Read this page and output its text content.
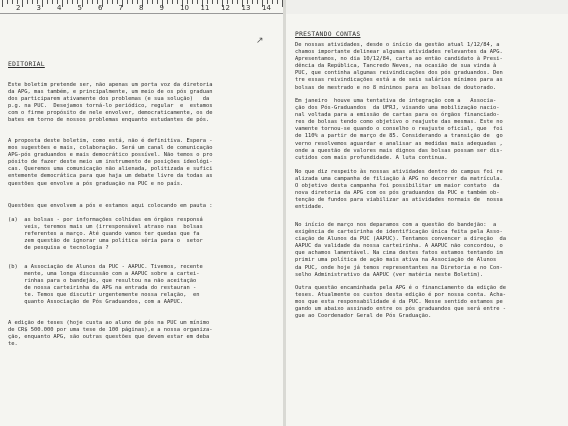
2 3 4 5 6 7 8 9 10 11 12 13 14
EDITORIAL
Este boletim pretende ser, não apenas um porta voz da diretoria
da APG, mas também, e principalmente, um meio de os pós graduan
dos participarem ativamente dos problemas (e sua solução)   da
p.g. na PUC.  Desejamos torná-lo periódico, regular  e  estamos
com o firme propósito de nele envolver, democraticamente, os de
bates em torno de nossos problemas enquanto estudantes de pós.
A proposta deste boletim, como está, não é definitiva. Espera -
mos sugestões e mais, colaboração. Será um canal de comunicação
APG-pós graduandos e mais democrático possível. Não temos o pro
pósito de fazer deste meio um instrumento de posições ideológi-
cas. Queremos uma comunicação não alienada, politizada e sufici
entemente democrática para que haja um debate livre da todas as
questões que envolve a pós graduação na PUC e no país.
Questões que envolvem a pós e estamos aqui colocando em pauta :
(a)  as bolsas - por informações colhidas em órgãos responsá
veis, teremos mais um (irresponsável atraso nas  bolsas
referentes a março. Até quando vamos ter quedas que fa
zem questão de ignorar uma política séria para o  setor
de pesquisa e tecnologia ?
(b)  a Associação de Alunos da PUC - AAPUC. Tivemos, recente
mente, uma longa discussão com a AAPUC sobre a cartei-
rinhas para o bandejão, que resultou na não aceitação
de nossa carteirinha da APG na entrada do restauran -
te. Temos que discutir urgentemente nossa relação,  en
quanto Associação de Pós Graduandos, com a AAPUC.
A edição de teses (hoje custa ao aluno de pós na PUC um mínimo
de CR$ 500.000 por uma tese de 100 páginas),e a nossa organiza-
ção, enquanto APG, são outras questões que devem estar em deba
te.
PRESTANDO CONTAS
De nossas atividades, desde o início da gestão atual 1/12/84, a
chamos importante delinear algumas atividades relevantes da APG.
Apresentamos, no dia 10/12/84, carta ao então candidato à Presi-
dência da República, Tancredo Neves, na ocasião de sua vinda à
PUC, que continha algumas reivindicações dos pós graduandos. Den
tre essas reivindicações está a de seis salários mínimos para as
bolsas de mestrado e no 8 mínimos para as bolsas de doutorado.
Em janeiro  houve uma tentativa de integração com a   Associa-
ção dos Pós-Graduandos  da UFRJ, visando uma mobilização nacio-
nal voltada para a emissão de cartas para os órgãos financiado-
res de bolsas tendo como objetivo o reajuste das mesmas. Este no
vamente tornou-se quando o conselho o reajuste oficial, que  foi
de 110% a partir de março de 85. Considerando a transição de  go
verno resolvemos aguardar e analisar as medidas mais adequadas ,
onde a questão de valores mais dignos das bolsas possam ser dis-
cutidos com mais profundidade. A luta continua.
No que diz respeito às nossas atividades dentro do campus foi re
alizada uma campanha de filiação à APG no decorrer da matrícula.
O objetivo desta campanha foi possibilitar um maior contato  da
nova diretoria da APG com os pós graduandos da PUC e também ob-
tenção de fundos para viabilizar as atividades normais de  nossa
entidade.
No início de março nos deparamos com a questão do bandejão:  a
exigência de carteirinha de identificação única feita pela Asso-
ciação de Alunos da PUC (AAPUC). Tentamos convencer a direção  da
AAPUC da validade da nossa carteirinha. A AAPUC não concordou, o
que achamos lamentável. Na cima destes fatos estamos tentando im
primir uma política de ação mais ativa na Associação de Alunos
da PUC, onde hoje já temos representantes na Diretoria e no Con-
selho Administrativo da AAPUC (ver matéria neste Boletim).
Outra questão encaminhada pela APG é o financiamento da edição de
teses. Atualmente os custos desta edição é por nossa conta. Acha-
mos que esta responsabilidade é da PUC. Nesse sentido estamos pe
gando um abaixo assinado entre os pós graduandos que será entre -
gue ao Coordenador Geral de Pós Graduação.
↗
